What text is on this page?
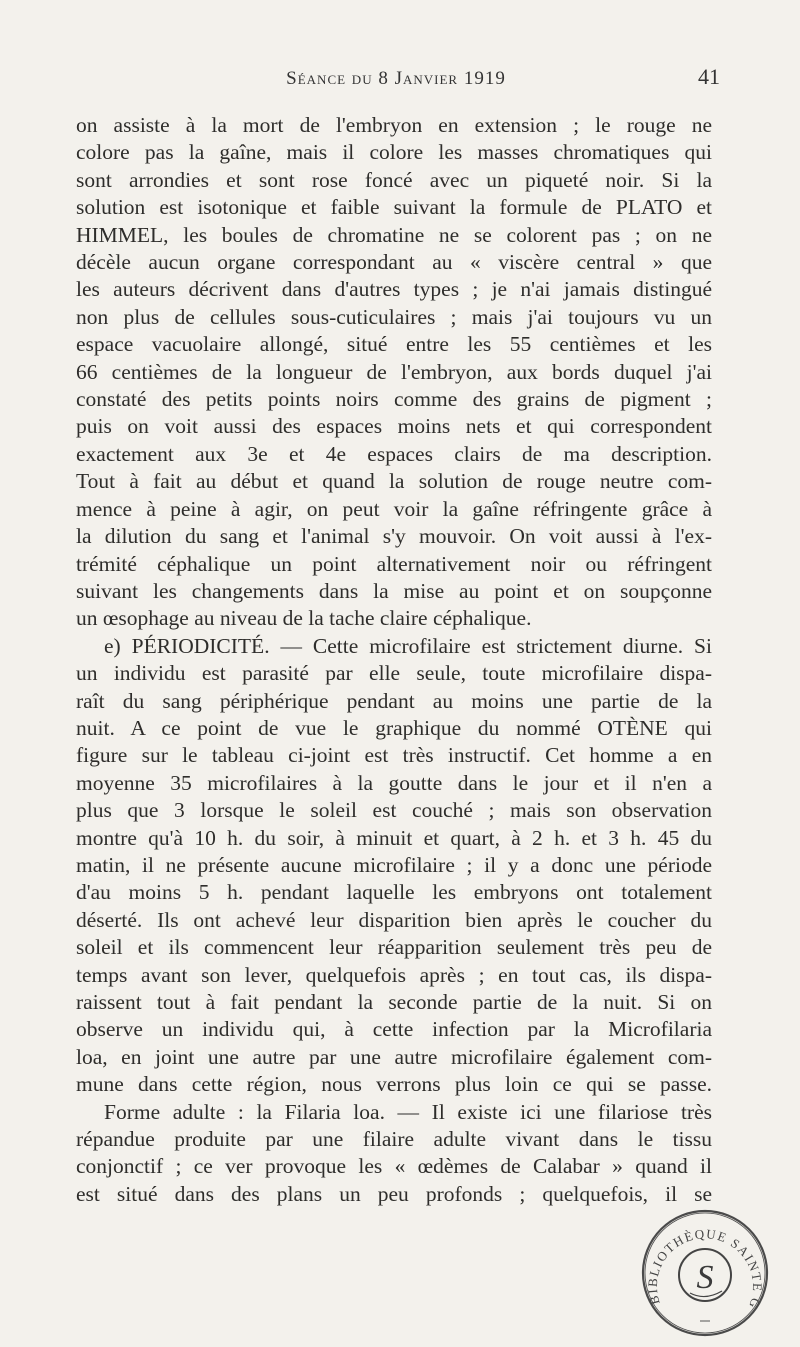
Séance du 8 Janvier 1919	41
on assiste à la mort de l'embryon en extension ; le rouge ne
colore pas la gaîne, mais il colore les masses chromatiques qui
sont arrondies et sont rose foncé avec un piqueté noir. Si la
solution est isotonique et faible suivant la formule de PLATO et
HIMMEL, les boules de chromatine ne se colorent pas ; on ne
décèle aucun organe correspondant au « viscère central » que
les auteurs décrivent dans d'autres types ; je n'ai jamais distingué
non plus de cellules sous-cuticulaires ; mais j'ai toujours vu un
espace vacuolaire allongé, situé entre les 55 centièmes et les
66 centièmes de la longueur de l'embryon, aux bords duquel j'ai
constaté des petits points noirs comme des grains de pigment ;
puis on voit aussi des espaces moins nets et qui correspondent
exactement aux 3e et 4e espaces clairs de ma description.
Tout à fait au début et quand la solution de rouge neutre com-
mence à peine à agir, on peut voir la gaîne réfringente grâce à
la dilution du sang et l'animal s'y mouvoir. On voit aussi à l'ex-
trémité céphalique un point alternativement noir ou réfringent
suivant les changements dans la mise au point et on soupçonne
un œsophage au niveau de la tache claire céphalique.
e) PÉRIODICITÉ. — Cette microfilaire est strictement diurne. Si
un individu est parasité par elle seule, toute microfilaire dispa-
raît du sang périphérique pendant au moins une partie de la
nuit. A ce point de vue le graphique du nommé OTÈNE qui
figure sur le tableau ci-joint est très instructif. Cet homme a en
moyenne 35 microfilaires à la goutte dans le jour et il n'en a
plus que 3 lorsque le soleil est couché ; mais son observation
montre qu'à 10 h. du soir, à minuit et quart, à 2 h. et 3 h. 45 du
matin, il ne présente aucune microfilaire ; il y a donc une période
d'au moins 5 h. pendant laquelle les embryons ont totalement
déserté. Ils ont achevé leur disparition bien après le coucher du
soleil et ils commencent leur réapparition seulement très peu de
temps avant son lever, quelquefois après ; en tout cas, ils dispa-
raissent tout à fait pendant la seconde partie de la nuit. Si on
observe un individu qui, à cette infection par la Microfilaria
loa, en joint une autre par une autre microfilaire également com-
mune dans cette région, nous verrons plus loin ce qui se passe.
Forme adulte : la Filaria loa. — Il existe ici une filariose très
répandue produite par une filaire adulte vivant dans le tissu
conjonctif ; ce ver provoque les « œdèmes de Calabar » quand il
est situé dans des plans un peu profonds ; quelquefois, il se
BIBLIOTHÈQUE SAINTE G
S
